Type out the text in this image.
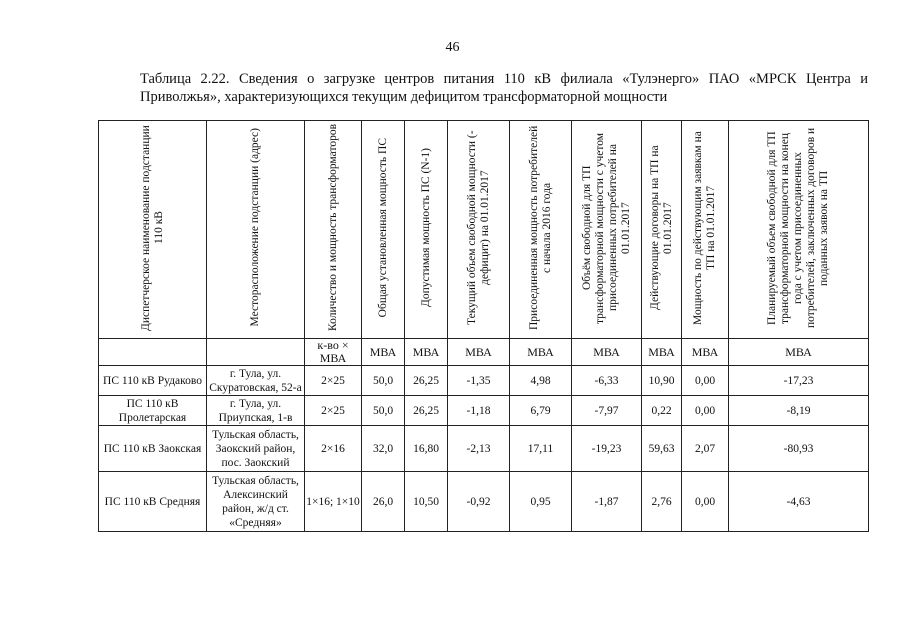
46
Таблица 2.22. Сведения о загрузке центров питания 110 кВ филиала «Тулэнерго» ПАО «МРСК Центра и
Приволжья», характеризующихся текущим дефицитом трансформаторной мощности
Диспетчерское наименование подстанции 110 кВ	Месторасположение подстанции (адрес)	Количество и мощность трансформаторов	Общая установленная мощность ПС	Допустимая мощность ПС (N-1)	Текущий объем свободной мощности (- дефицит) на 01.01.2017	Присоединенная мощность потребителей с начала 2016 года	Объём свободной для ТП трансформаторной мощности с учетом присоединенных потребителей на 01.01.2017	Действующие договоры на ТП на 01.01.2017	Мощность по действующим заявкам на ТП на 01.01.2017	Планируемый объем свободной для ТП трансформаторной мощности на конец года с учетом присоединенных потребителей, заключенных договоров и поданных заявок на ТП
		к-во × МВА	МВА	МВА	МВА	МВА	МВА	МВА	МВА	МВА
ПС 110 кВ Рудаково	г. Тула, ул. Скуратовская, 52-а	2×25	50,0	26,25	-1,35	4,98	-6,33	10,90	0,00	-17,23
ПС 110 кВ Пролетарская	г. Тула, ул. Приупская, 1-в	2×25	50,0	26,25	-1,18	6,79	-7,97	0,22	0,00	-8,19
ПС 110 кВ Заокская	Тульская область, Заокский район, пос. Заокский	2×16	32,0	16,80	-2,13	17,11	-19,23	59,63	2,07	-80,93
ПС 110 кВ Средняя	Тульская область, Алексинский район, ж/д ст. «Средняя»	1×16; 1×10	26,0	10,50	-0,92	0,95	-1,87	2,76	0,00	-4,63
